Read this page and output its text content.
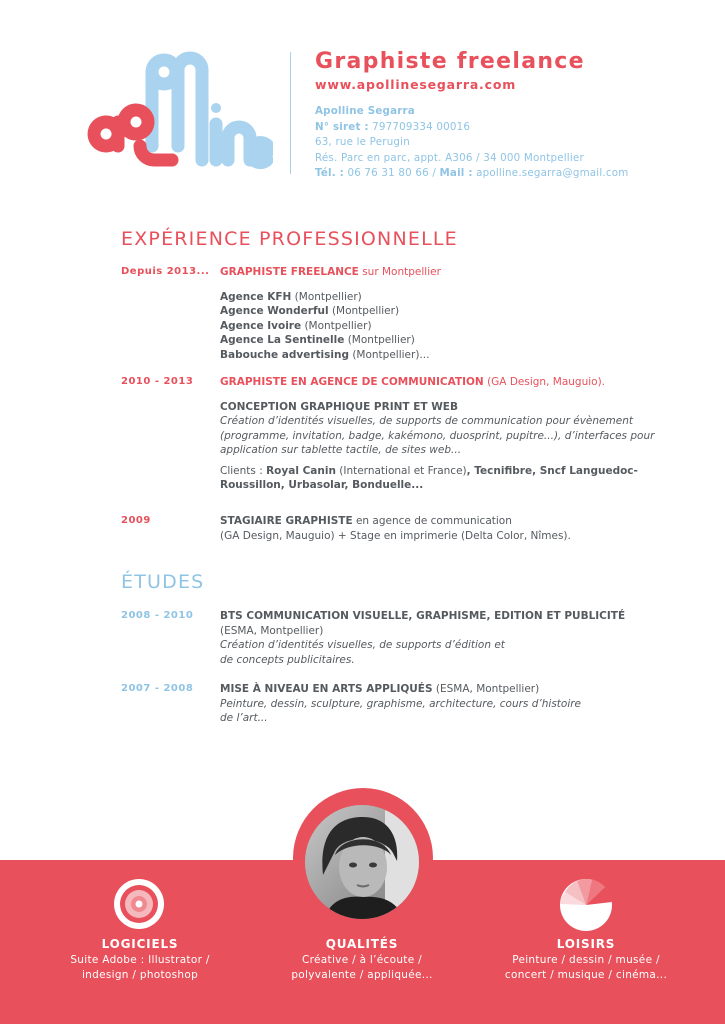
Graphiste freelance
www.apollinesegarra.com
Apolline Segarra
N° siret : 797709334 00016
63, rue le Perugin
Rés. Parc en parc, appt. A306 / 34 000 Montpellier
Tél. : 06 76 31 80 66 / Mail : apolline.segarra@gmail.com
EXPÉRIENCE PROFESSIONNELLE
Depuis 2013... GRAPHISTE FREELANCE sur Montpellier

Agence KFH (Montpellier)

Agence Wonderful (Montpellier)

Agence Ivoire (Montpellier)

Agence La Sentinelle (Montpellier)

Babouche advertising (Montpellier)...

2010 - 2013	GRAPHISTE EN AGENCE DE COMMUNICATION (GA Design, Mauguio).

CONCEPTION GRAPHIQUE PRINT ET WEB

Création d’identités visuelles, de supports de communication pour évènement (programme, invitation, badge, kakémono, duosprint, pupitre...), d’interfaces pour application sur tablette tactile, de sites web...

Clients : Royal Canin (International et France), Tecnifibre, Sncf Languedoc-Roussillon, Urbasolar, Bonduelle...

2009	STAGIAIRE GRAPHISTE en agence de communication

(GA Design, Mauguio) + Stage en imprimerie (Delta Color, Nîmes).

ÉTUDES
2008 - 2010	BTS COMMUNICATION VISUELLE, GRAPHISME, EDITION ET PUBLICITÉ

(ESMA, Montpellier)

Création d’identités visuelles, de supports d’édition et

de concepts publicitaires.

2007 - 2008	MISE À NIVEAU EN ARTS APPLIQUÉS (ESMA, Montpellier)

Peinture, dessin, sculpture, graphisme, architecture, cours d’histoire

de l’art...

LOGICIELS
Suite Adobe : Illustrator /
indesign / photoshop
QUALITÉS
Créative / à l’écoute /
polyvalente / appliquée...
LOISIRS
Peinture / dessin / musée /
concert / musique / cinéma...
